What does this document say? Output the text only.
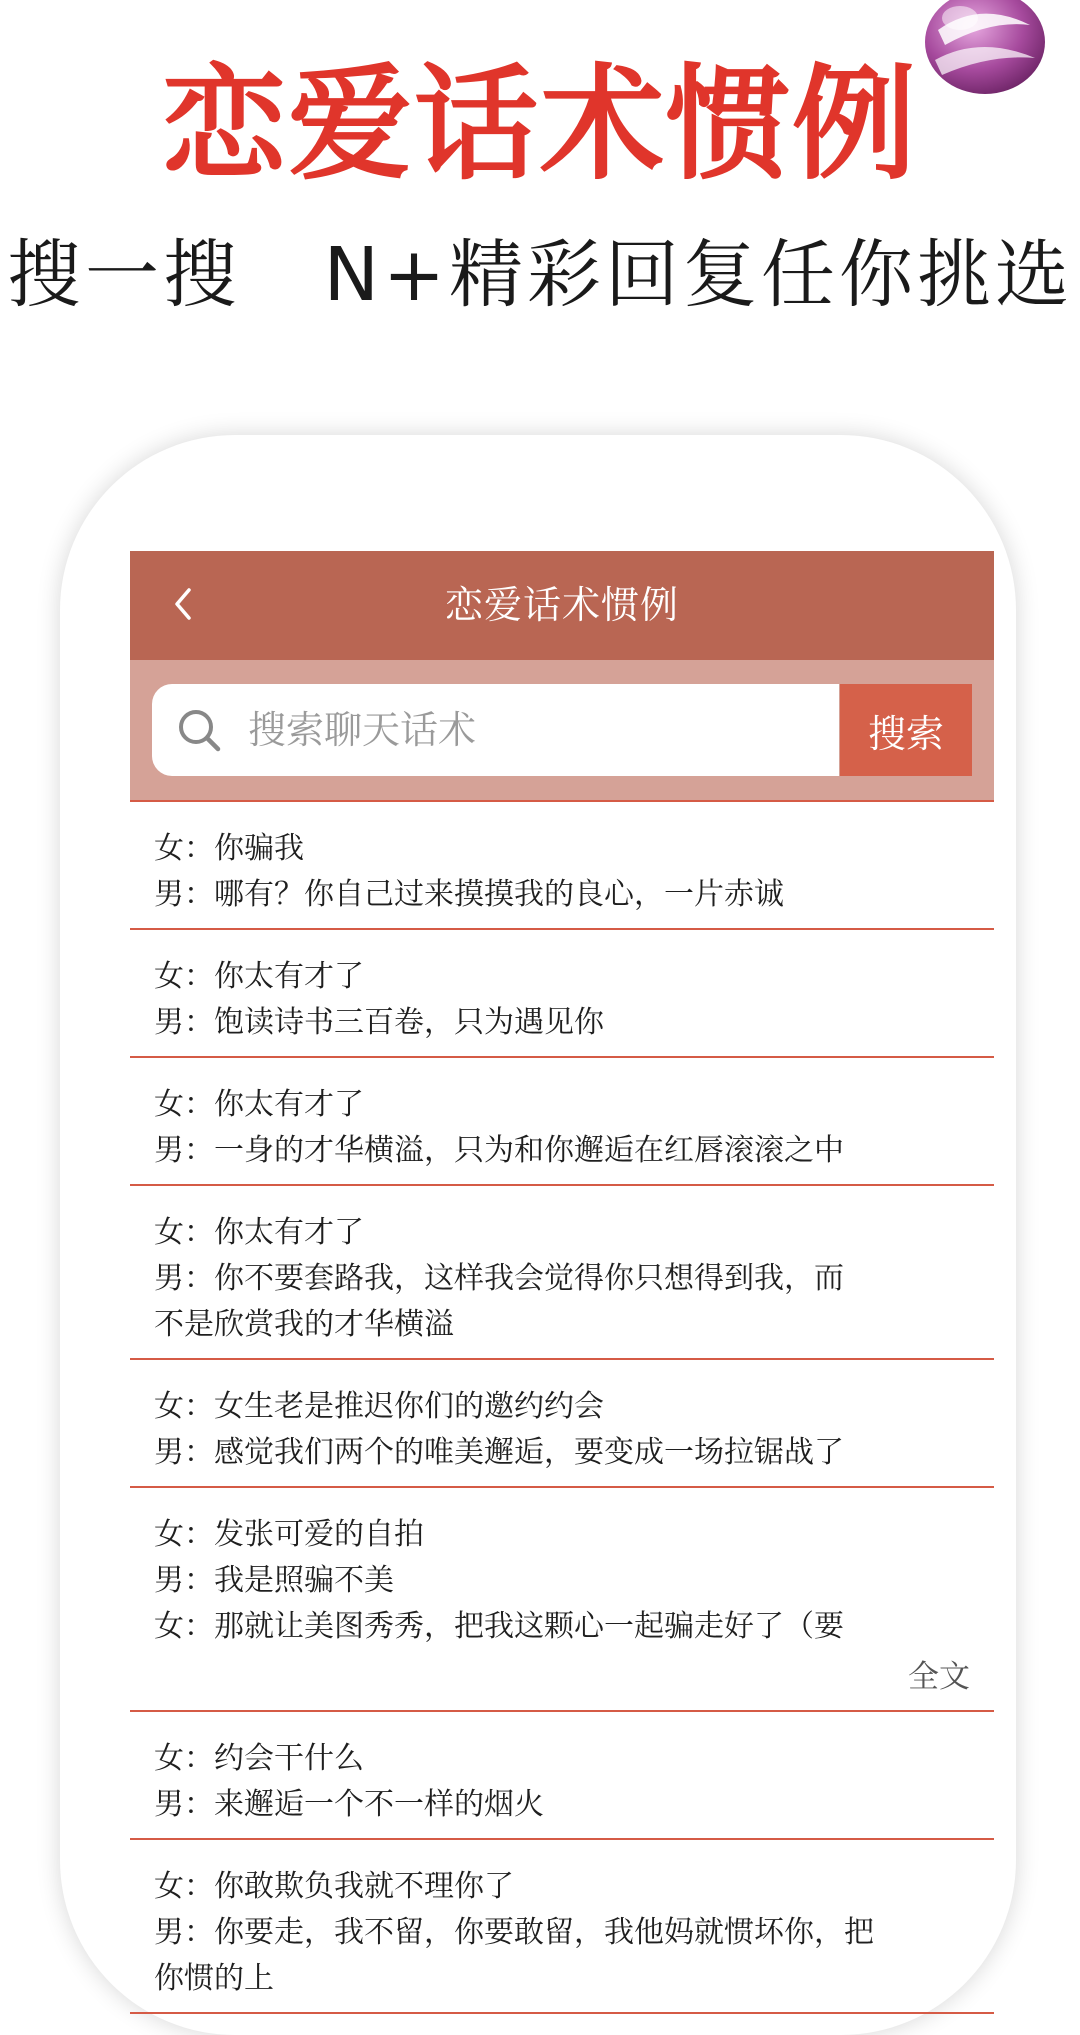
恋爱话术惯例
搜一搜   N+精彩回复任你挑选
恋爱话术惯例
搜索聊天话术
搜索
女：你骗我
男：哪有？你自己过来摸摸我的良心，一片赤诚
女：你太有才了
男：饱读诗书三百卷，只为遇见你
女：你太有才了
男：一身的才华横溢，只为和你邂逅在红唇滚滚之中
女：你太有才了
男：你不要套路我，这样我会觉得你只想得到我，而
不是欣赏我的才华横溢
女：女生老是推迟你们的邀约约会
男：感觉我们两个的唯美邂逅，要变成一场拉锯战了
女：发张可爱的自拍
男：我是照骗不美
女：那就让美图秀秀，把我这颗心一起骗走好了（要
全文
女：约会干什么
男：来邂逅一个不一样的烟火
女：你敢欺负我就不理你了
男：你要走，我不留，你要敢留，我他妈就惯坏你，把
你惯的上
